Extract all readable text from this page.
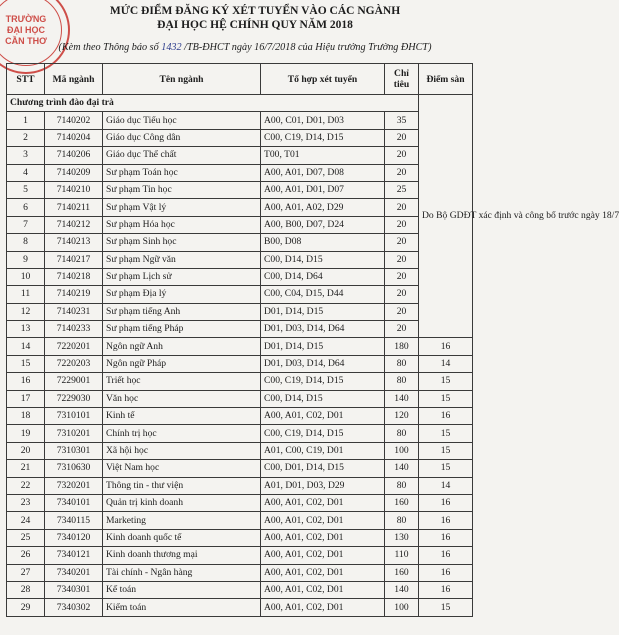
TRƯỜNG
ĐẠI HỌC
CẦN THƠ
MỨC ĐIỂM ĐĂNG KÝ XÉT TUYỂN VÀO CÁC NGÀNH
ĐẠI HỌC HỆ CHÍNH QUY NĂM 2018
(Kèm theo Thông báo số 1432 /TB-ĐHCT ngày 16/7/2018 của Hiệu trưởng Trường ĐHCT)
STT	Mã ngành	Tên ngành	Tổ hợp xét tuyển	Chỉ tiêu	Điểm sàn
Chương trình đào đại trà					Do Bộ GDĐT xác định và công bố trước ngày 18/7
1	7140202	Giáo dục Tiểu học	A00, C01, D01, D03	35	
2	7140204	Giáo dục Công dân	C00, C19, D14, D15	20	
3	7140206	Giáo dục Thể chất	T00, T01	20	
4	7140209	Sư phạm Toán học	A00, A01, D07, D08	20	
5	7140210	Sư phạm Tin học	A00, A01, D01, D07	25	
6	7140211	Sư phạm Vật lý	A00, A01, A02, D29	20	
7	7140212	Sư phạm Hóa học	A00, B00, D07, D24	20	
8	7140213	Sư phạm Sinh học	B00, D08	20	
9	7140217	Sư phạm Ngữ văn	C00, D14, D15	20	
10	7140218	Sư phạm Lịch sử	C00, D14, D64	20	
11	7140219	Sư phạm Địa lý	C00, C04, D15, D44	20	
12	7140231	Sư phạm tiếng Anh	D01, D14, D15	20	
13	7140233	Sư phạm tiếng Pháp	D01, D03, D14, D64	20	
14	7220201	Ngôn ngữ Anh	D01, D14, D15	180	16
15	7220203	Ngôn ngữ Pháp	D01, D03, D14, D64	80	14
16	7229001	Triết học	C00, C19, D14, D15	80	15
17	7229030	Văn học	C00, D14, D15	140	15
18	7310101	Kinh tế	A00, A01, C02, D01	120	16
19	7310201	Chính trị học	C00, C19, D14, D15	80	15
20	7310301	Xã hội học	A01, C00, C19, D01	100	15
21	7310630	Việt Nam học	C00, D01, D14, D15	140	15
22	7320201	Thông tin - thư viện	A01, D01, D03, D29	80	14
23	7340101	Quản trị kinh doanh	A00, A01, C02, D01	160	16
24	7340115	Marketing	A00, A01, C02, D01	80	16
25	7340120	Kinh doanh quốc tế	A00, A01, C02, D01	130	16
26	7340121	Kinh doanh thương mại	A00, A01, C02, D01	110	16
27	7340201	Tài chính - Ngân hàng	A00, A01, C02, D01	160	16
28	7340301	Kế toán	A00, A01, C02, D01	140	16
29	7340302	Kiểm toán	A00, A01, C02, D01	100	15
